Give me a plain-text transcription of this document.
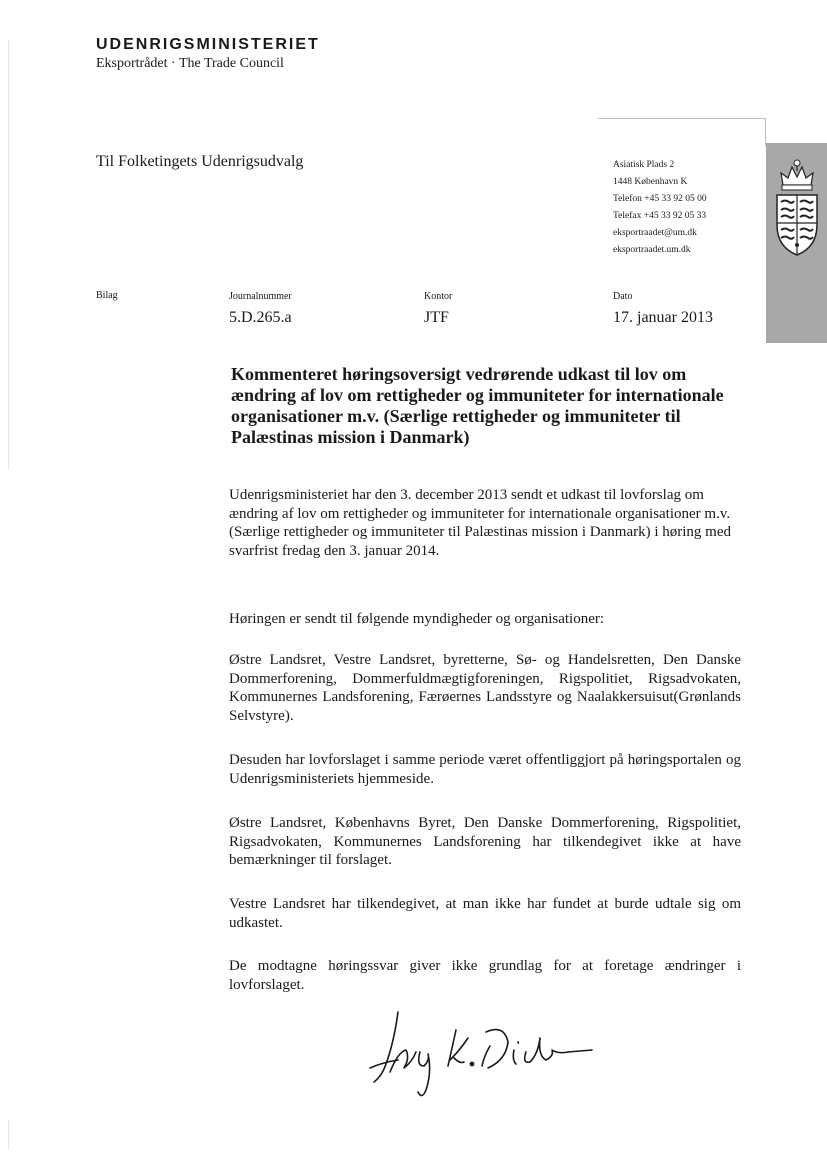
UDENRIGSMINISTERIET
Eksportrådet · The Trade Council
Til Folketingets Udenrigsudvalg	Asiatisk Plads 2
1448 København K
Telefon +45 33 92 05 00
Telefax +45 33 92 05 33
eksportraadet@um.dk
eksportraadet.um.dk
Bilag	Journalnummer
5.D.265.a
Kontor
JTF
Dato
17. januar 2013
Kommenteret høringsoversigt vedrørende udkast til lov om ændring af lov om rettigheder og immuniteter for internationale organisationer m.v. (Særlige rettigheder og immuniteter til Palæstinas mission i Danmark)
Udenrigsministeriet har den 3. december 2013 sendt et udkast til lovforslag om ændring af lov om rettigheder og immuniteter for internationale organisationer m.v. (Særlige rettigheder og immuniteter til Palæstinas mission i Danmark) i høring med svarfrist fredag den 3. januar 2014.
Høringen er sendt til følgende myndigheder og organisationer:
Østre Landsret, Vestre Landsret, byretterne, Sø- og Handelsretten, Den Danske Dommerforening, Dommerfuldmægtigforeningen, Rigspolitiet, Rigsadvokaten, Kommunernes Landsforening, Færøernes Landsstyre og Naalakkersuisut(Grønlands Selvstyre).
Desuden har lovforslaget i samme periode været offentliggjort på høringsportalen og Udenrigsministeriets hjemmeside.
Østre Landsret, Københavns Byret, Den Danske Dommerforening, Rigspolitiet, Rigsadvokaten, Kommunernes Landsforening har tilkendegivet ikke at have bemærkninger til forslaget.
Vestre Landsret har tilkendegivet, at man ikke har fundet at burde udtale sig om udkastet.
De modtagne høringssvar giver ikke grundlag for at foretage ændringer i lovforslaget.
